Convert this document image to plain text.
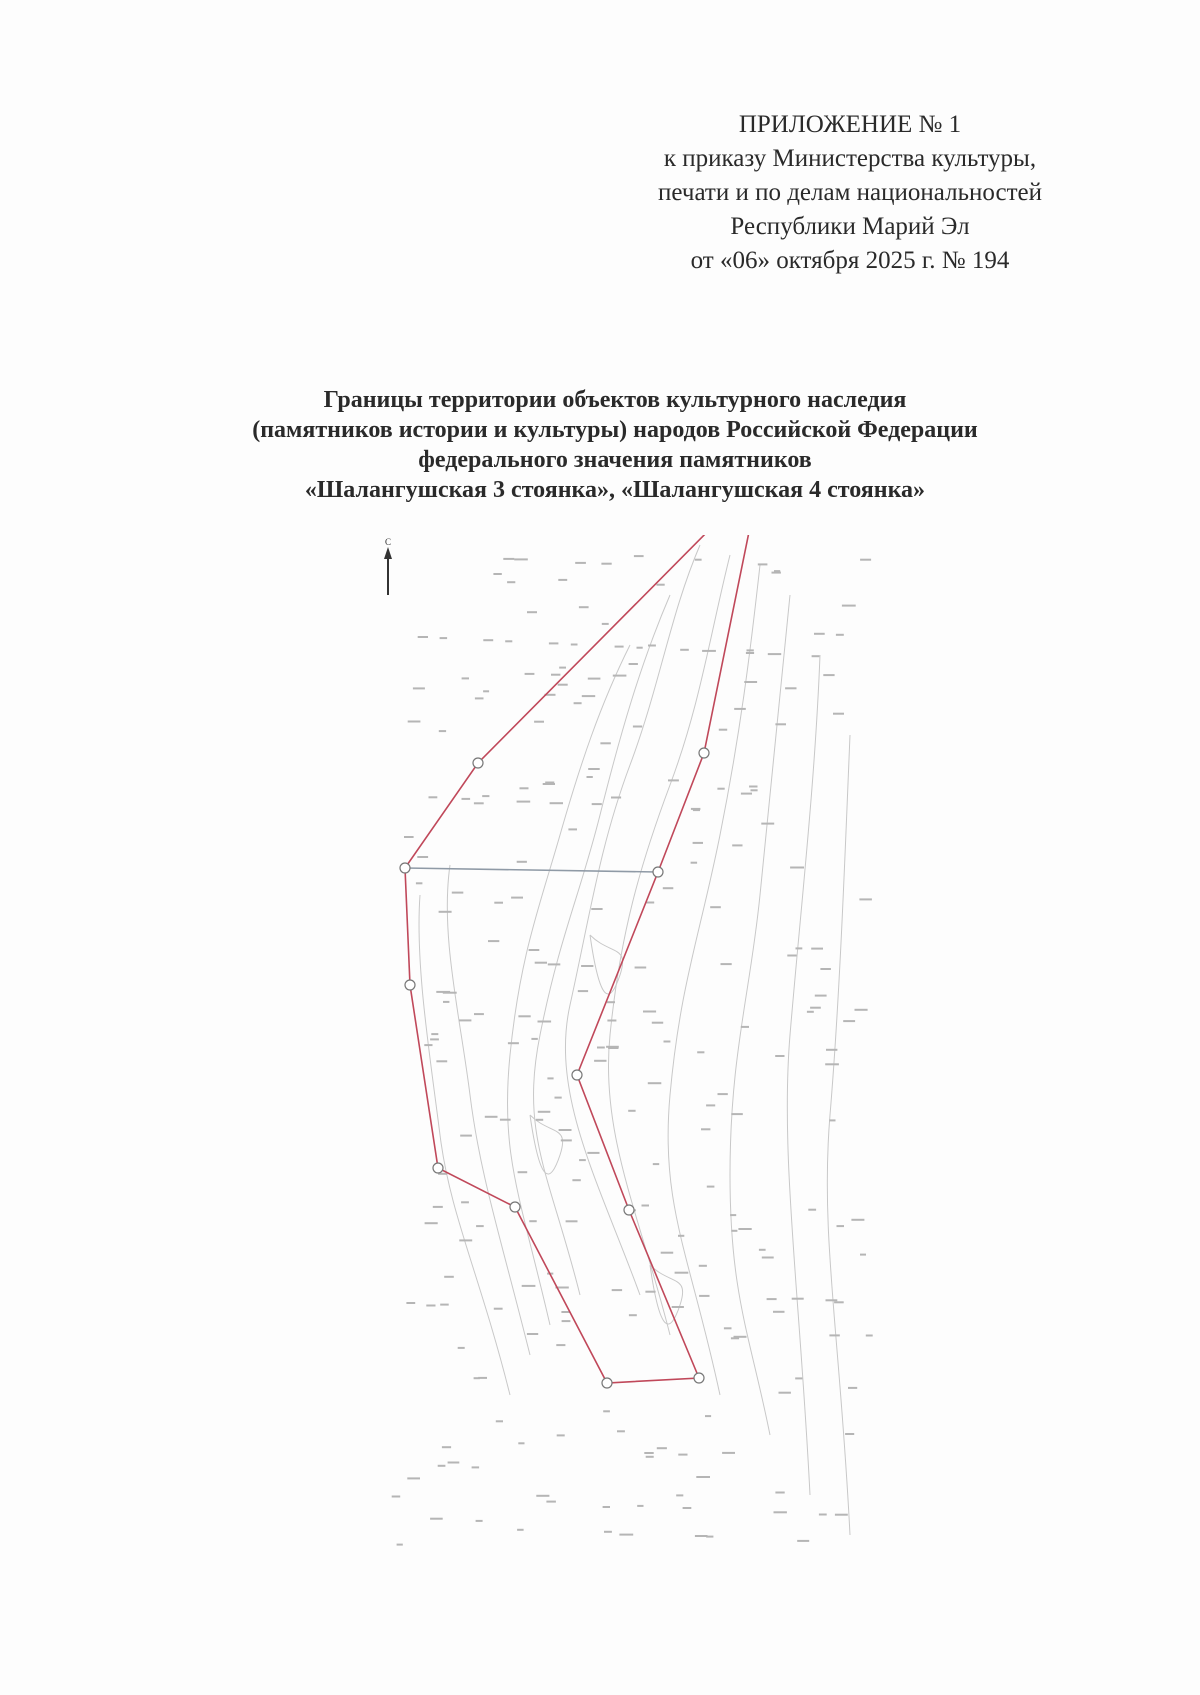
ПРИЛОЖЕНИЕ № 1
к приказу Министерства культуры,
печати и по делам национальностей
Республики Марий Эл
от «06» октября 2025 г. № 194
Границы территории объектов культурного наследия
(памятников истории и культуры) народов Российской Федерации
федерального значения памятников
«Шалангушская 3 стоянка», «Шалангушская 4 стоянка»
С
